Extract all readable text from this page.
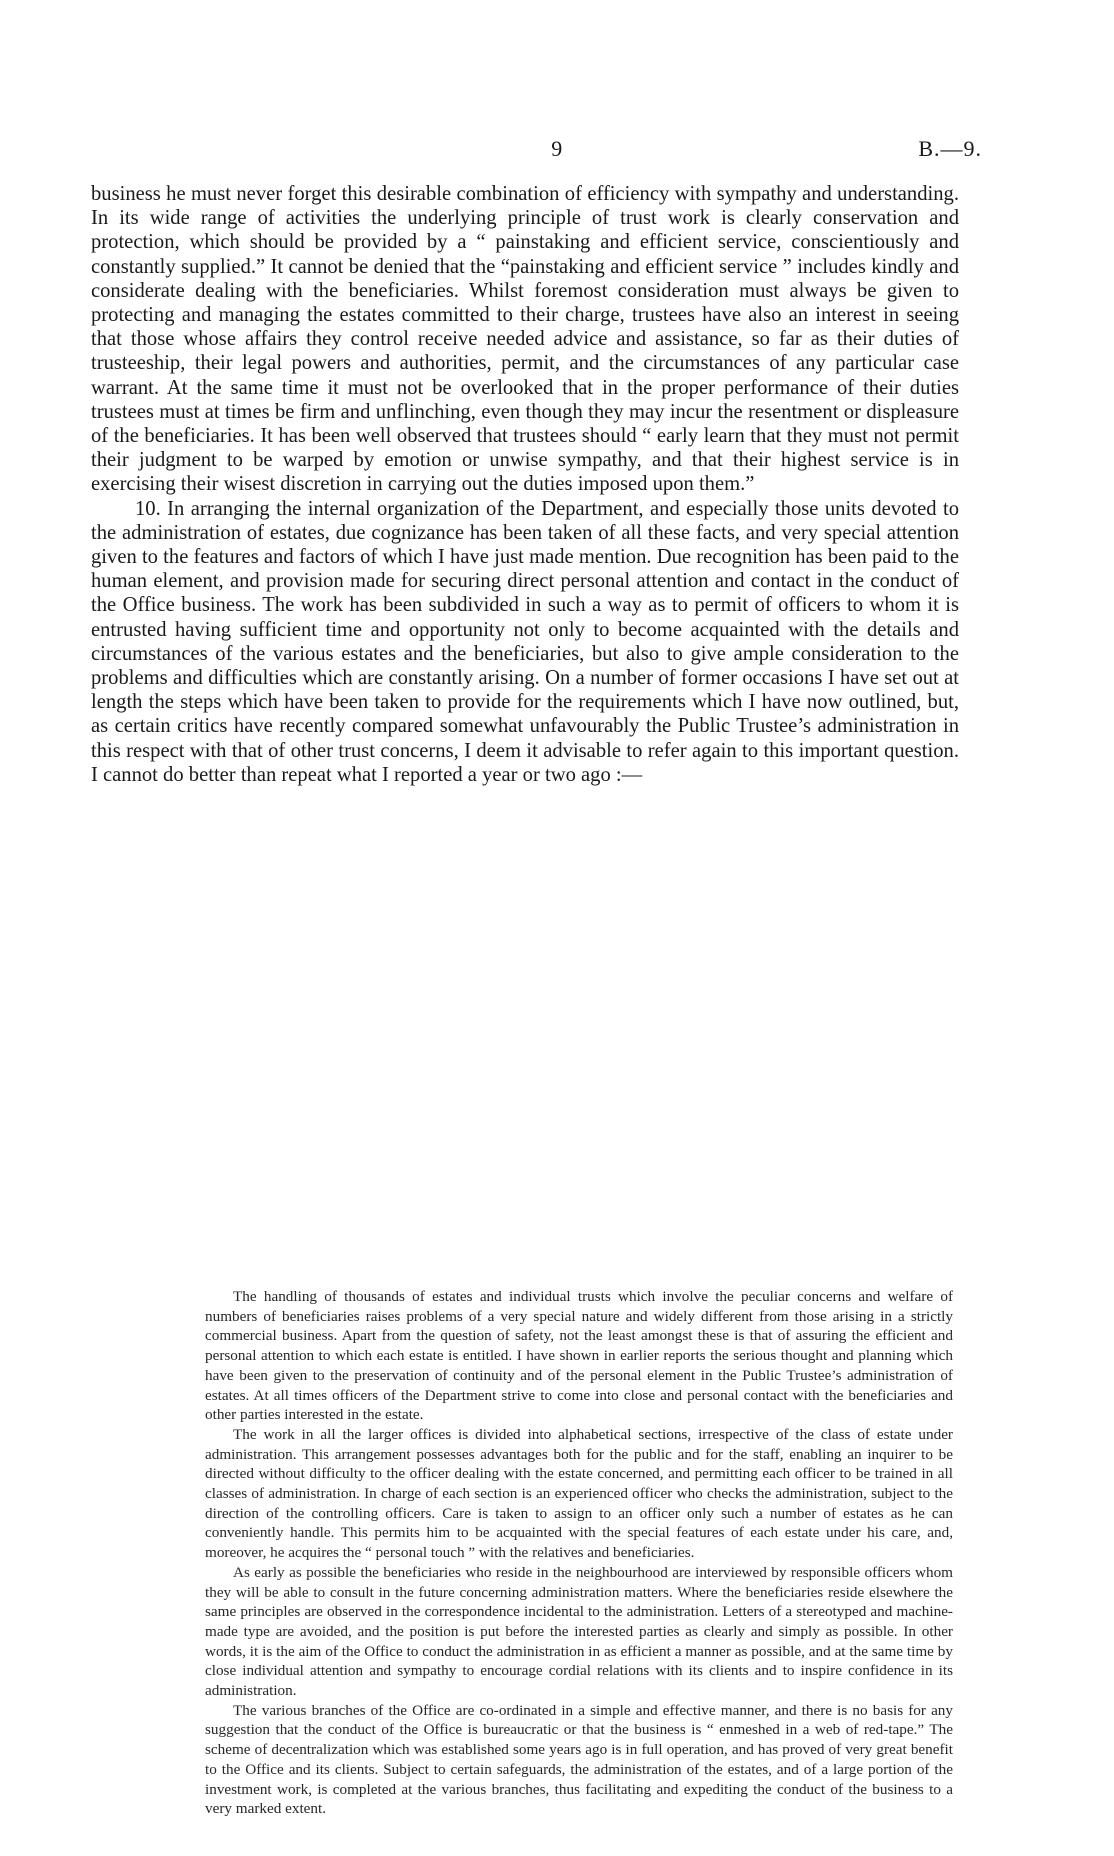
9	B.—9.

business he must never forget this desirable combination of efficiency with sympathy and understanding. In its wide range of activities the underlying principle of trust work is clearly conservation and protection, which should be provided by a “ painstaking and efficient service, conscientiously and constantly supplied.” It cannot be denied that the “painstaking and efficient service ” includes kindly and considerate dealing with the beneficiaries. Whilst foremost consideration must always be given to protecting and managing the estates committed to their charge, trustees have also an interest in seeing that those whose affairs they control receive needed advice and assistance, so far as their duties of trusteeship, their legal powers and authorities, permit, and the circumstances of any particular case warrant. At the same time it must not be overlooked that in the proper performance of their duties trustees must at times be firm and unflinching, even though they may incur the resentment or displeasure of the beneficiaries. It has been well observed that trustees should “ early learn that they must not permit their judgment to be warped by emotion or unwise sympathy, and that their highest service is in exercising their wisest discretion in carrying out the duties imposed upon them.”

10. In arranging the internal organization of the Department, and especially those units devoted to the administration of estates, due cognizance has been taken of all these facts, and very special attention given to the features and factors of which I have just made mention. Due recognition has been paid to the human element, and provision made for securing direct personal attention and contact in the conduct of the Office business. The work has been subdivided in such a way as to permit of officers to whom it is entrusted having sufficient time and opportunity not only to become acquainted with the details and circumstances of the various estates and the beneficiaries, but also to give ample consideration to the problems and difficulties which are constantly arising. On a number of former occasions I have set out at length the steps which have been taken to provide for the requirements which I have now outlined, but, as certain critics have recently compared somewhat unfavourably the Public Trustee’s administration in this respect with that of other trust concerns, I deem it advisable to refer again to this important question. I cannot do better than repeat what I reported a year or two ago :—

The handling of thousands of estates and individual trusts which involve the peculiar concerns and welfare of numbers of beneficiaries raises problems of a very special nature and widely different from those arising in a strictly commercial business. Apart from the question of safety, not the least amongst these is that of assuring the efficient and personal attention to which each estate is entitled. I have shown in earlier reports the serious thought and planning which have been given to the preservation of continuity and of the personal element in the Public Trustee’s administration of estates. At all times officers of the Department strive to come into close and personal contact with the beneficiaries and other parties interested in the estate.

The work in all the larger offices is divided into alphabetical sections, irrespective of the class of estate under administration. This arrangement possesses advantages both for the public and for the staff, enabling an inquirer to be directed without difficulty to the officer dealing with the estate concerned, and permitting each officer to be trained in all classes of administration. In charge of each section is an experienced officer who checks the administration, subject to the direction of the controlling officers. Care is taken to assign to an officer only such a number of estates as he can conveniently handle. This permits him to be acquainted with the special features of each estate under his care, and, moreover, he acquires the “ personal touch ” with the relatives and beneficiaries.

As early as possible the beneficiaries who reside in the neighbourhood are interviewed by responsible officers whom they will be able to consult in the future concerning administration matters. Where the beneficiaries reside elsewhere the same principles are observed in the correspondence incidental to the administration. Letters of a stereotyped and machine-made type are avoided, and the position is put before the interested parties as clearly and simply as possible. In other words, it is the aim of the Office to conduct the administration in as efficient a manner as possible, and at the same time by close individual attention and sympathy to encourage cordial relations with its clients and to inspire confidence in its administration.

The various branches of the Office are co-ordinated in a simple and effective manner, and there is no basis for any suggestion that the conduct of the Office is bureaucratic or that the business is “ enmeshed in a web of red-tape.” The scheme of decentralization which was established some years ago is in full operation, and has proved of very great benefit to the Office and its clients. Subject to certain safeguards, the administration of the estates, and of a large portion of the investment work, is completed at the various branches, thus facilitating and expediting the conduct of the business to a very marked extent.
